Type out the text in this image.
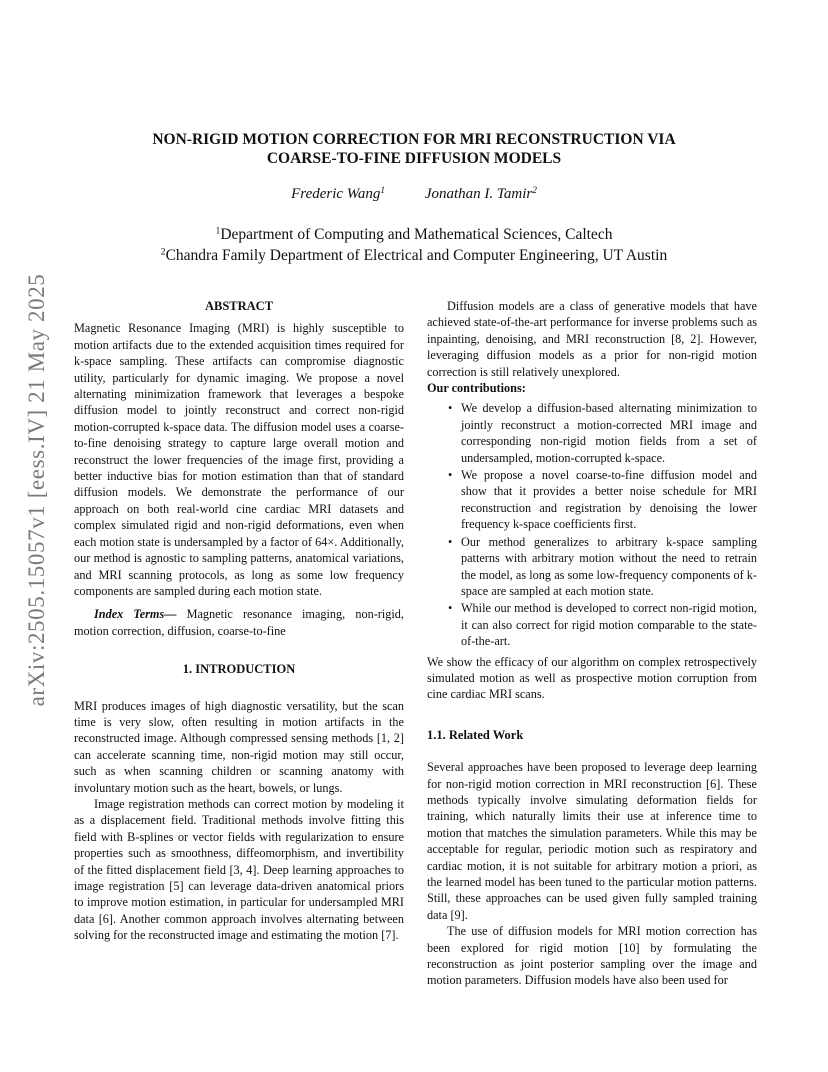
arXiv:2505.15057v1 [eess.IV] 21 May 2025
NON-RIGID MOTION CORRECTION FOR MRI RECONSTRUCTION VIA
COARSE-TO-FINE DIFFUSION MODELS
Frederic Wang$^1$	Jonathan I. Tamir$^2$
$^1$Department of Computing and Mathematical Sciences, Caltech
$^2$Chandra Family Department of Electrical and Computer Engineering, UT Austin
ABSTRACT

Magnetic Resonance Imaging (MRI) is highly susceptible to motion artifacts due to the extended acquisition times required for k-space sampling. These artifacts can compromise diagnostic utility, particularly for dynamic imaging. We propose a novel alternating minimization framework that leverages a bespoke diffusion model to jointly reconstruct and correct non-rigid motion-corrupted k-space data. The diffusion model uses a coarse-to-fine denoising strategy to capture large overall motion and reconstruct the lower frequencies of the image first, providing a better inductive bias for motion estimation than that of standard diffusion models. We demonstrate the performance of our approach on both real-world cine cardiac MRI datasets and complex simulated rigid and non-rigid deformations, even when each motion state is undersampled by a factor of 64×. Additionally, our method is agnostic to sampling patterns, anatomical variations, and MRI scanning protocols, as long as some low frequency components are sampled during each motion state.

Index Terms— Magnetic resonance imaging, non-rigid, motion correction, diffusion, coarse-to-fine

1. INTRODUCTION

MRI produces images of high diagnostic versatility, but the scan time is very slow, often resulting in motion artifacts in the reconstructed image. Although compressed sensing methods [1, 2] can accelerate scanning time, non-rigid motion may still occur, such as when scanning children or scanning anatomy with involuntary motion such as the heart, bowels, or lungs.

Image registration methods can correct motion by modeling it as a displacement field. Traditional methods involve fitting this field with B-splines or vector fields with regularization to ensure properties such as smoothness, diffeomorphism, and invertibility of the fitted displacement field [3, 4]. Deep learning approaches to image registration [5] can leverage data-driven anatomical priors to improve motion estimation, in particular for undersampled MRI data [6]. Another common approach involves alternating between solving for the reconstructed image and estimating the motion [7].

Diffusion models are a class of generative models that have achieved state-of-the-art performance for inverse problems such as inpainting, denoising, and MRI reconstruction [8, 2]. However, leveraging diffusion models as a prior for non-rigid motion correction is still relatively unexplored.

Our contributions:
• We develop a diffusion-based alternating minimization to jointly reconstruct a motion-corrected MRI image and corresponding non-rigid motion fields from a set of undersampled, motion-corrupted k-space.
• We propose a novel coarse-to-fine diffusion model and show that it provides a better noise schedule for MRI reconstruction and registration by denoising the lower frequency k-space coefficients first.
• Our method generalizes to arbitrary k-space sampling patterns with arbitrary motion without the need to retrain the model, as long as some low-frequency components of k-space are sampled at each motion state.
• While our method is developed to correct non-rigid motion, it can also correct for rigid motion comparable to the state-of-the-art.

We show the efficacy of our algorithm on complex retrospectively simulated motion as well as prospective motion corruption from cine cardiac MRI scans.

1.1. Related Work

Several approaches have been proposed to leverage deep learning for non-rigid motion correction in MRI reconstruction [6]. These methods typically involve simulating deformation fields for training, which naturally limits their use at inference time to motion that matches the simulation parameters. While this may be acceptable for regular, periodic motion such as respiratory and cardiac motion, it is not suitable for arbitrary motion a priori, as the learned model has been tuned to the particular motion patterns. Still, these approaches can be used given fully sampled training data [9].

The use of diffusion models for MRI motion correction has been explored for rigid motion [10] by formulating the reconstruction as joint posterior sampling over the image and motion parameters. Diffusion models have also been used for
